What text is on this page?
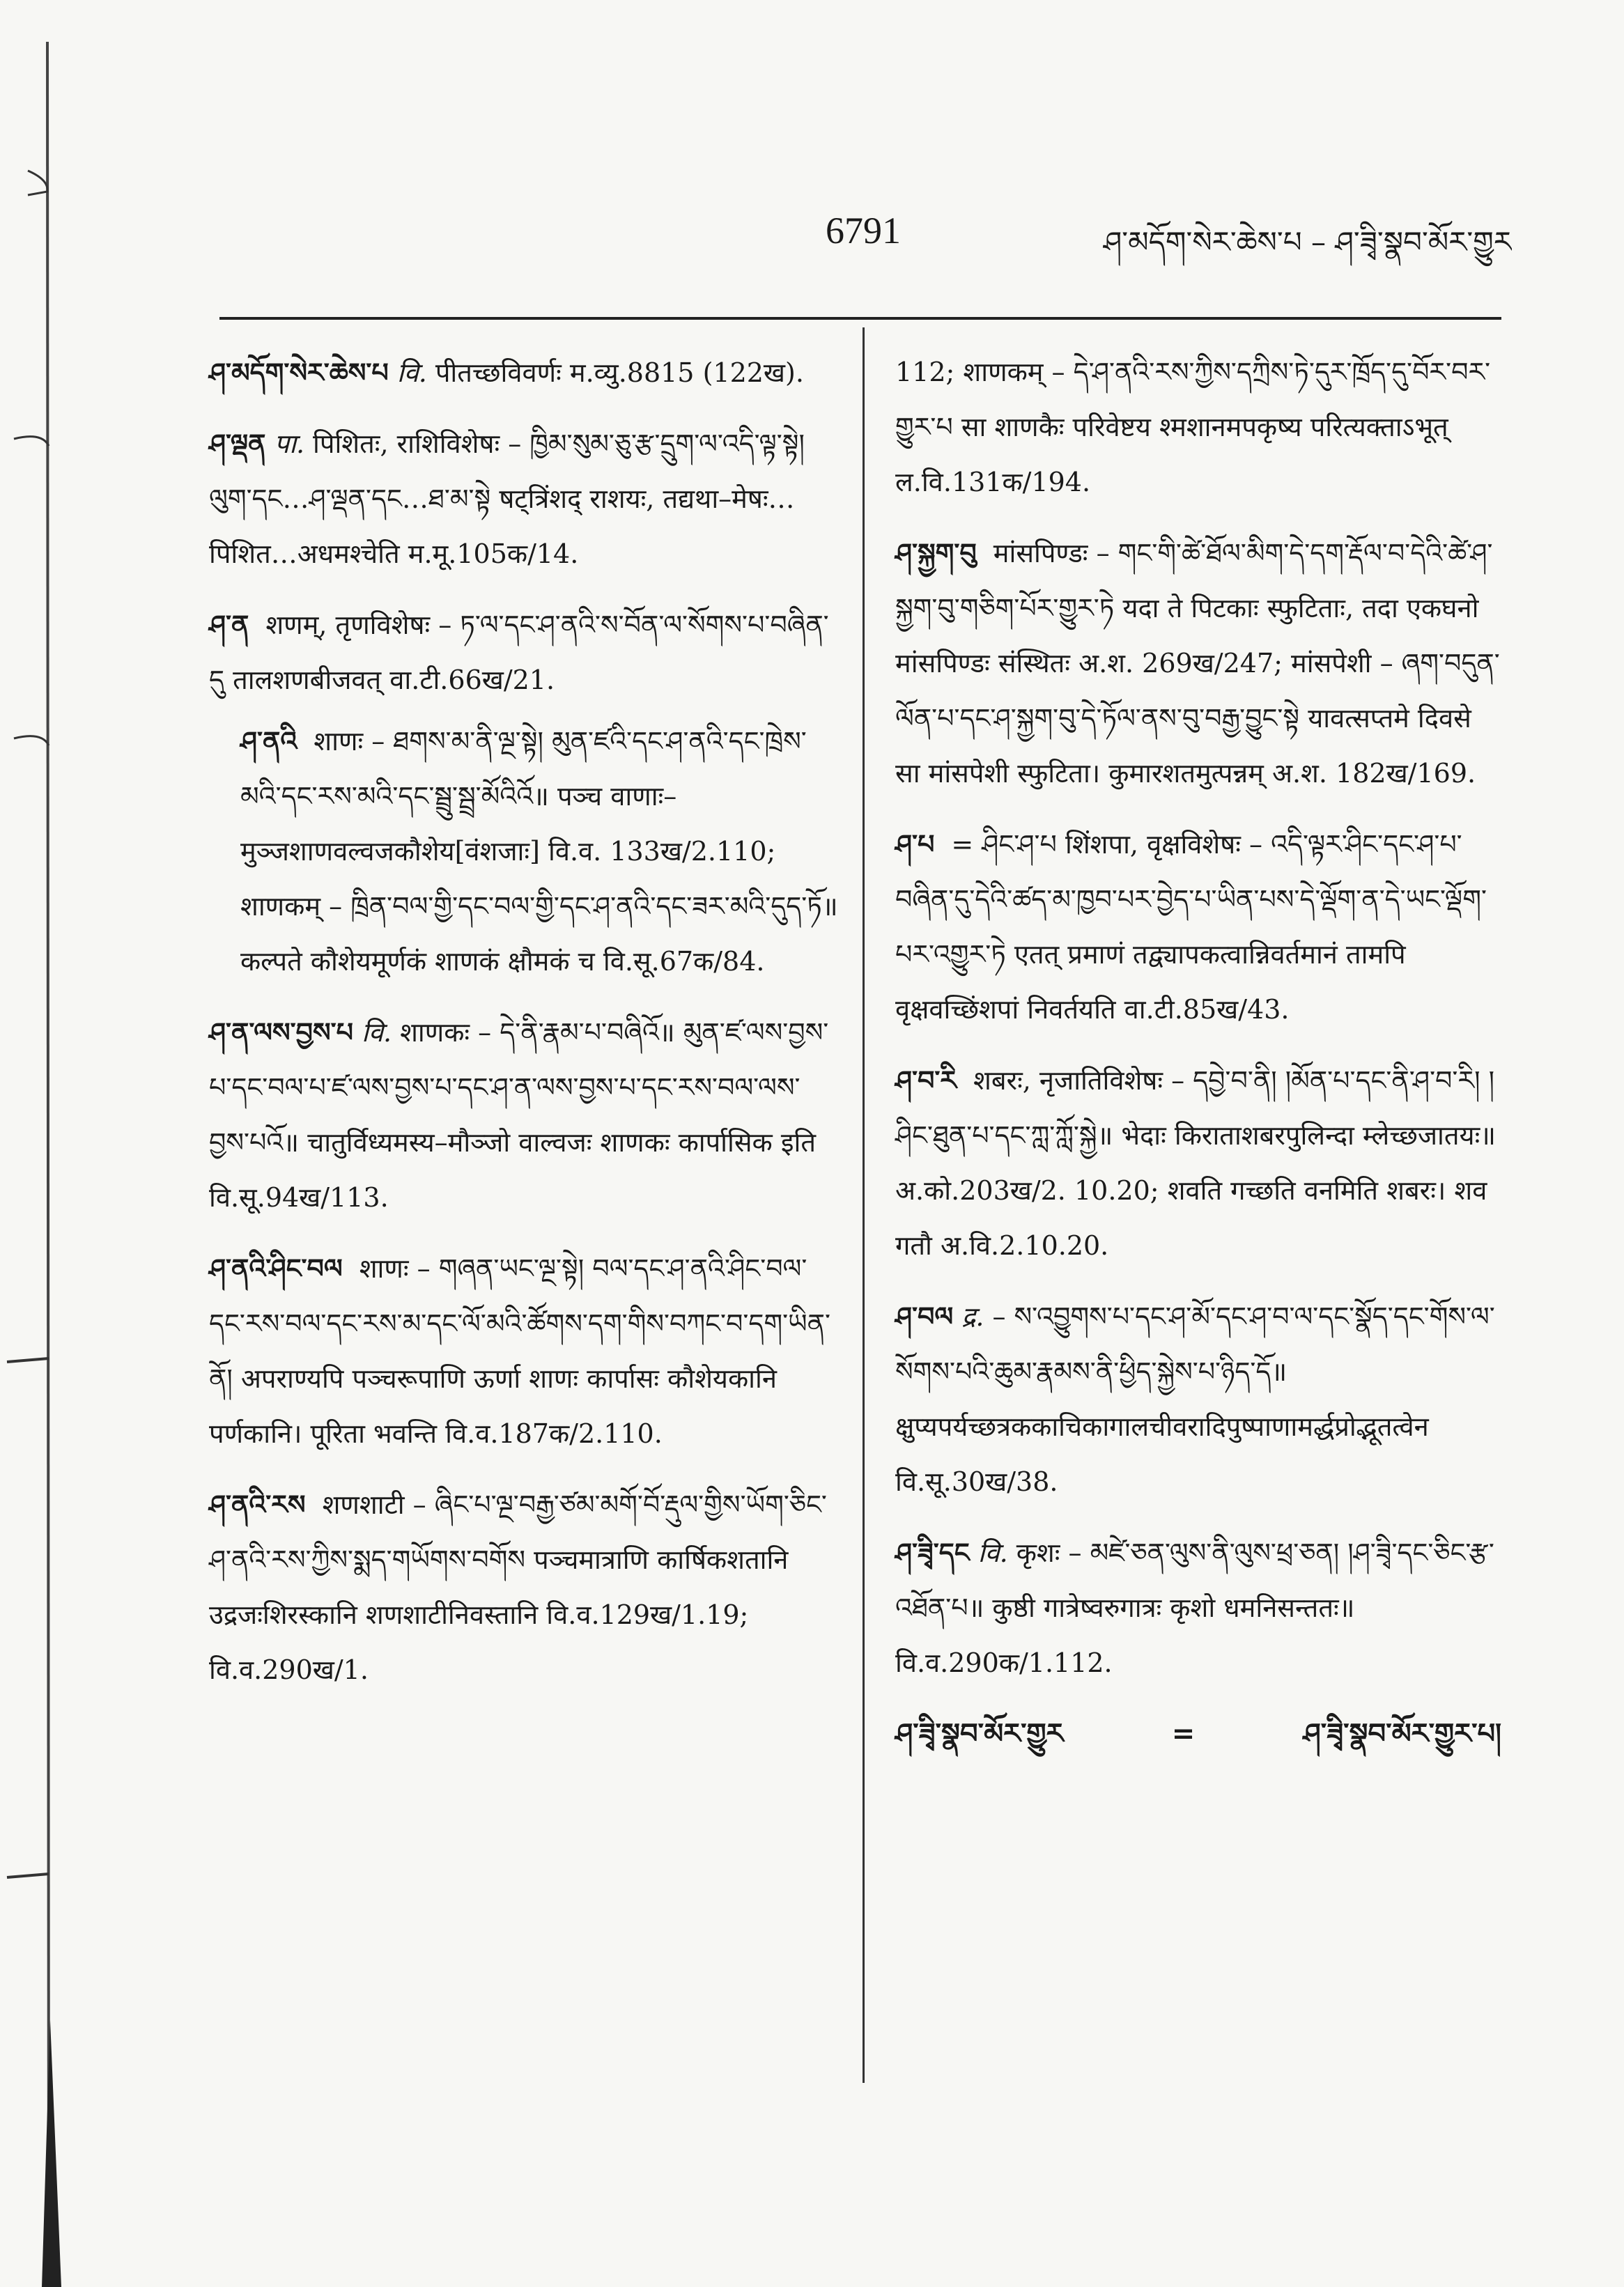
6791	ཤ་མདོག་སེར་ཆེས་པ – ཤ་ཟྭི་སྣབ་མོར་གྱུར

ཤ་མདོག་སེར་ཆེས་པ वि. पीतच्छविवर्णः म.व्यु.8815 (122ख).

ཤ་ལྡན पा. पिशितः, राशिविशेषः – ཁྱིམ་སུམ་ཅུ་རྩ་དྲུག་ལ་འདི་ལྟ་སྟེ། ལུག་དང…ཤ་ལྡན་དང…ཐ་མ་སྟེ षट्त्रिंशद् राशयः, तद्यथा–मेषः…पिशित…अधमश्चेति म.मू.105क/14.

ཤ་ན शणम्, तृणविशेषः – ཏ་ལ་དང་ཤ་ནའི་ས་བོན་ལ་སོགས་པ་བཞིན་དུ तालशणबीजवत् वा.टी.66ख/21.

ཤ་ནའི शाणः – ཐགས་མ་ནི་ལྔ་སྟེ། མུན་ཛའི་དང་ཤ་ནའི་དང་ཁྲེས་མའི་དང་རས་མའི་དང་སྦྲུ་སྦྲ་མོའིའོ॥ पञ्च वाणाः–मुञ्जशाणवल्वजकौशेय[वंशजाः] वि.व. 133ख/2.110; शाणकम् – ཁྲིན་བལ་གྱི་དང་བལ་གྱི་དང་ཤ་ནའི་དང་ཟར་མའི་དུད་ཏོ॥ कल्पते कौशेयमूर्णकं शाणकं क्षौमकं च वि.सू.67क/84.

ཤ་ན་ལས་བྱས་པ वि. शाणकः – དེ་ནི་རྣམ་པ་བཞིའོ॥ མུན་ཛ་ལས་བྱས་པ་དང་བལ་པ་ཛ་ལས་བྱས་པ་དང་ཤ་ན་ལས་བྱས་པ་དང་རས་བལ་ལས་བྱས་པའོ॥ चातुर्विध्यमस्य–मौञ्जो वाल्वजः शाणकः कार्पासिक इति वि.सू.94ख/113.

ཤ་ནའི་ཤིང་བལ शाणः – གཞན་ཡང་ལྔ་སྟེ། བལ་དང་ཤ་ནའི་ཤིང་བལ་དང་རས་བལ་དང་རས་མ་དང་ལོ་མའི་ཚོགས་དག་གིས་བཀང་བ་དག་ཡིན་ནོ། अपराण्यपि पञ्चरूपाणि ऊर्णा शाणः कार्पासः कौशेयकानि पर्णकानि। पूरिता भवन्ति वि.व.187क/2.110.

ཤ་ནའི་རས शणशाटी – ཞིང་པ་ལྔ་བརྒྱ་ཙམ་མགོ་བོ་རྡུལ་གྱིས་ཡོག་ཅིང་ཤ་ནའི་རས་ཀྱིས་སྨད་གཡོགས་བགོས पञ्चमात्राणि कार्षिकशतानि उद्रजःशिरस्कानि शणशाटीनिवस्तानि वि.व.129ख/1.19; वि.व.290ख/1.

112; शाणकम् – དེ་ཤ་ནའི་རས་ཀྱིས་དཀྲིས་ཏེ་དུར་ཁྲོད་དུ་བོར་བར་གྱུར་པ सा शाणकैः परिवेष्टय श्मशानमपकृष्य परित्यक्ताऽभूत् ल.वि.131क/194.

ཤ་སྐྱག་བུ मांसपिण्डः – གང་གི་ཚེ་ཐོལ་མིག་དེ་དག་རྡོལ་བ་དེའི་ཚེ་ཤ་སྐྱག་བུ་གཅིག་པོར་གྱུར་ཏེ यदा ते पिटकाः स्फुटिताः, तदा एकघनो मांसपिण्डः संस्थितः अ.श. 269ख/247; मांसपेशी – ཞག་བདུན་ལོན་པ་དང་ཤ་སྐྱག་བུ་དེ་ཏོལ་ནས་བུ་བརྒྱ་བྱུང་སྟེ यावत्सप्तमे दिवसे सा मांसपेशी स्फुटिता। कुमारशतमुत्पन्नम् अ.श. 182ख/169.

ཤ་པ = ཤིང་ཤ་པ शिंशपा, वृक्षविशेषः – འདི་ལྟར་ཤིང་དང་ཤ་པ་བཞིན་དུ་དེའི་ཚད་མ་ཁྱབ་པར་བྱེད་པ་ཡིན་པས་དེ་ལྡོག་ན་དེ་ཡང་ལྡོག་པར་འགྱུར་ཏེ एतत् प्रमाणं तद्व्यापकत्वान्निवर्तमानं तामपि वृक्षवच्छिंशपां निवर्तयति वा.टी.85ख/43.

ཤ་བ་རི शबरः, नृजातिविशेषः – དབྱེ་བ་ནི། །མོན་པ་དང་ནི་ཤ་བ་རི། །ཤིང་ཐུན་པ་དང་ཀླ་ཀློ་སྐྱེ॥ भेदाः किराताशबरपुलिन्दा म्लेच्छजातयः॥ अ.को.203ख/2. 10.20; शवति गच्छति वनमिति शबरः। शव गतौ अ.वि.2.10.20.

ཤ་བལ द्र. – ས་འབྱུགས་པ་དང་ཤ་མོ་དང་ཤ་བ་ལ་དང་སྣོད་དང་གོས་ལ་སོགས་པའི་ཆུམ་རྣམས་ནི་ཕྱིད་སྐྱེས་པ་ཉིད་དོ॥ क्षुप्यपर्यच्छत्रककाचिकागालचीवरादिपुष्पाणामर्द्धप्रोद्भूतत्वेन वि.सू.30ख/38.

ཤ་ཟྭི་དང वि. कृशः – མཛེ་ཅན་ལུས་ནི་ལུས་ཕྲ་ཅན། །ཤ་ཟྭི་དང་ཅིང་རྩ་འཐོན་པ॥ कुष्ठी गात्रेष्वरुगात्रः कृशो धमनिसन्ततः॥ वि.व.290क/1.112.

ཤ་ཟྭི་སྣབ་མོར་གྱུར	=	ཤ་ཟྭི་སྣབ་མོར་གྱུར་པ།
